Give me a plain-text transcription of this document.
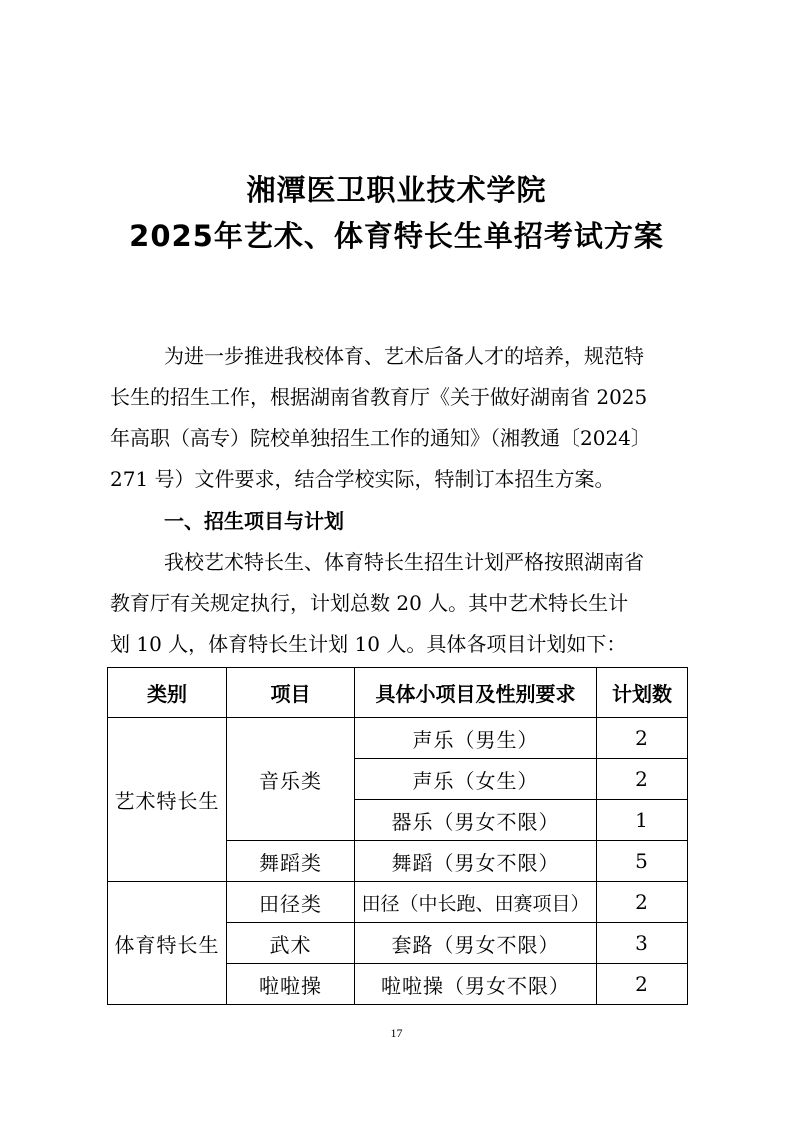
湘潭医卫职业技术学院
2025年艺术、体育特长生单招考试方案

为进一步推进我校体育、艺术后备人才的培养，规范特
长生的招生工作，根据湖南省教育厅《关于做好湖南省 2025
年高职（高专）院校单独招生工作的通知》（湘教通〔2024〕
271 号）文件要求，结合学校实际，特制订本招生方案。

一、招生项目与计划

我校艺术特长生、体育特长生招生计划严格按照湖南省
教育厅有关规定执行，计划总数 20 人。其中艺术特长生计
划 10 人，体育特长生计划 10 人。具体各项目计划如下：

类别	项目	具体小项目及性别要求	计划数
艺术特长生	音乐类	声乐（男生）	2
		声乐（女生）	2
		器乐（男女不限）	1
	舞蹈类	舞蹈（男女不限）	5
体育特长生	田径类	田径（中长跑、田赛项目）	2
	武术	套路（男女不限）	3
	啦啦操	啦啦操（男女不限）	2

17
